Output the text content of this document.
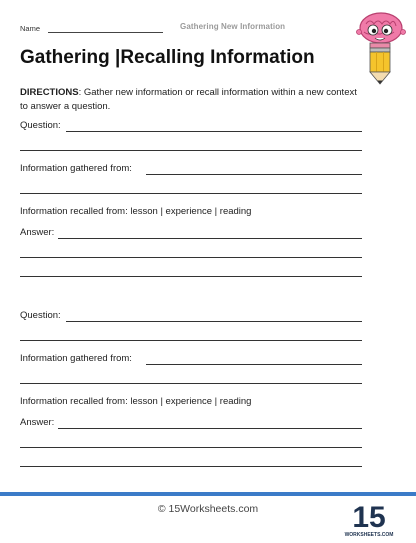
Name	Gathering New Information
Gathering |Recalling Information
DIRECTIONS: Gather new information or recall information within a new context to answer a question.
Question:
Information gathered from:
Information recalled from: lesson | experience | reading
Answer:
Question:
Information gathered from:
Information recalled from: lesson | experience | reading
Answer:
© 15Worksheets.com	15
WORKSHEETS.COM
